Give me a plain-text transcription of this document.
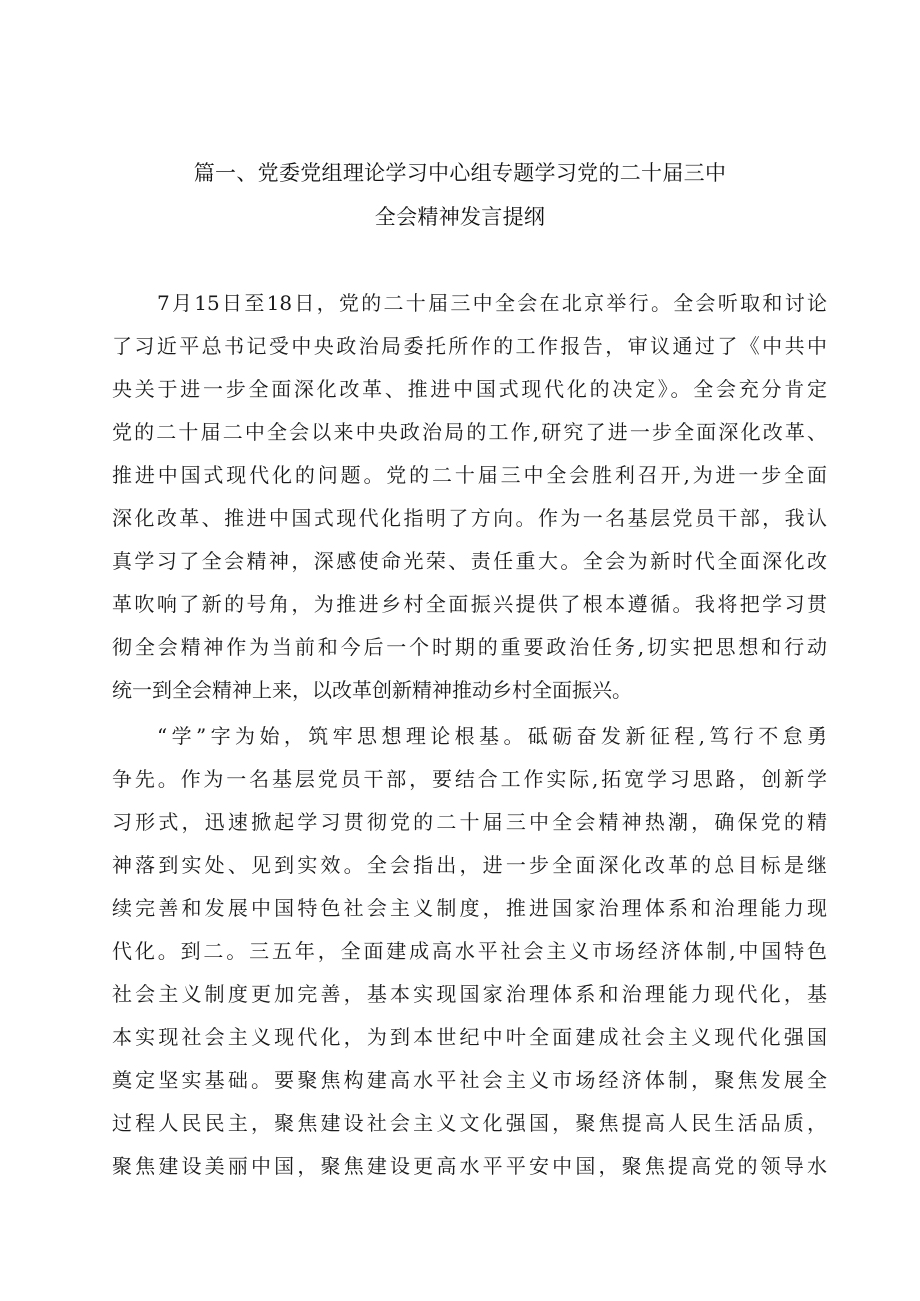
篇一、党委党组理论学习中心组专题学习党的二十届三中
全会精神发言提纲
7月15日至18日，党的二十届三中全会在北京举行。全会听取和讨论
了习近平总书记受中央政治局委托所作的工作报告，审议通过了《中共中
央关于进一步全面深化改革、推进中国式现代化的决定》。全会充分肯定
党的二十届二中全会以来中央政治局的工作,研究了进一步全面深化改革、
推进中国式现代化的问题。党的二十届三中全会胜利召开,为进一步全面
深化改革、推进中国式现代化指明了方向。作为一名基层党员干部，我认
真学习了全会精神，深感使命光荣、责任重大。全会为新时代全面深化改
革吹响了新的号角，为推进乡村全面振兴提供了根本遵循。我将把学习贯
彻全会精神作为当前和今后一个时期的重要政治任务,切实把思想和行动
统一到全会精神上来，以改革创新精神推动乡村全面振兴。
“学”字为始，筑牢思想理论根基。砥砺奋发新征程,笃行不怠勇
争先。作为一名基层党员干部，要结合工作实际,拓宽学习思路，创新学
习形式，迅速掀起学习贯彻党的二十届三中全会精神热潮，确保党的精
神落到实处、见到实效。全会指出，进一步全面深化改革的总目标是继
续完善和发展中国特色社会主义制度，推进国家治理体系和治理能力现
代化。到二。三五年，全面建成高水平社会主义市场经济体制,中国特色
社会主义制度更加完善，基本实现国家治理体系和治理能力现代化，基
本实现社会主义现代化，为到本世纪中叶全面建成社会主义现代化强国
奠定坚实基础。要聚焦构建高水平社会主义市场经济体制，聚焦发展全
过程人民民主，聚焦建设社会主义文化强国，聚焦提高人民生活品质，
聚焦建设美丽中国，聚焦建设更高水平平安中国，聚焦提高党的领导水
